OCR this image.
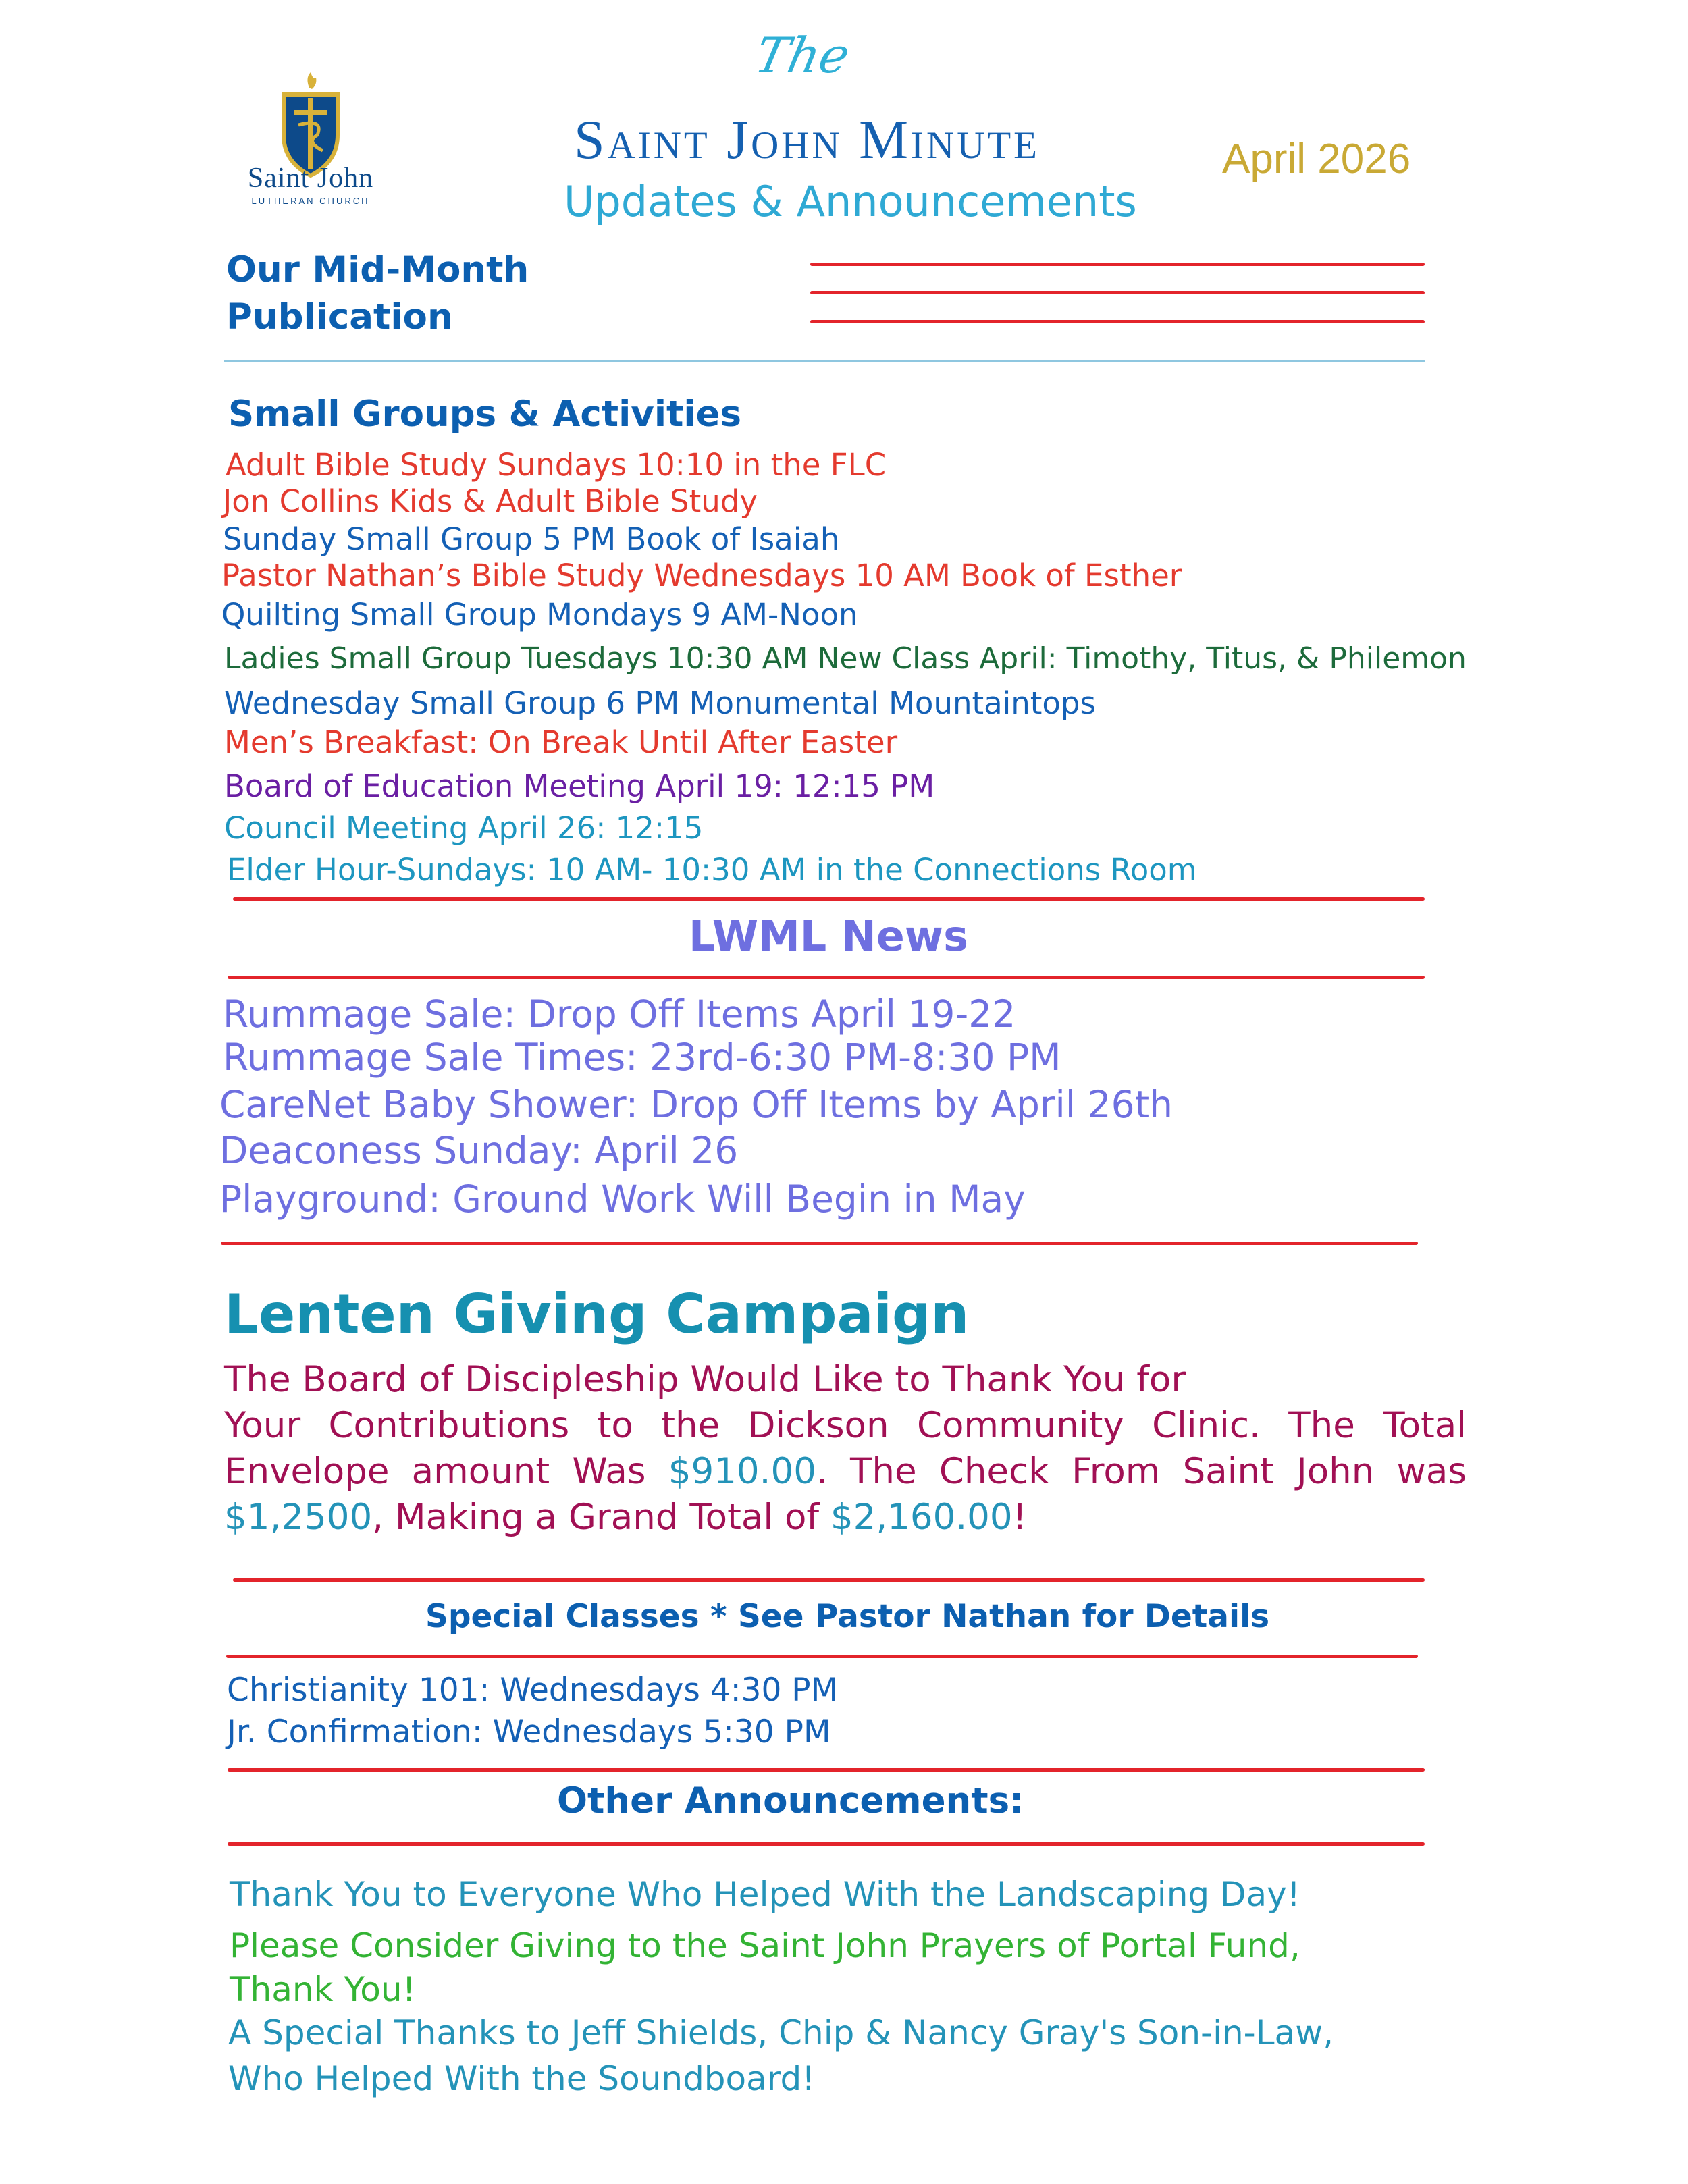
Saint John
LUTHERAN CHURCH
The
Saint John Minute
Updates & Announcements
April 2026
Our Mid-Month Publication
Small Groups & Activities
Adult Bible Study Sundays 10:10 in the FLC
Jon Collins Kids & Adult Bible Study
Sunday Small Group 5 PM Book of Isaiah
Pastor Nathan’s Bible Study Wednesdays 10 AM Book of Esther
Quilting Small Group Mondays 9 AM-Noon
Ladies Small Group Tuesdays 10:30 AM New Class April: Timothy, Titus, & Philemon
Wednesday Small Group 6 PM Monumental Mountaintops
Men’s Breakfast: On Break Until After Easter
Board of Education Meeting April 19: 12:15 PM
Council Meeting April 26: 12:15
Elder Hour-Sundays: 10 AM- 10:30 AM in the Connections Room
LWML News
Rummage Sale: Drop Off Items April 19-22
Rummage Sale Times: 23rd-6:30 PM-8:30 PM
CareNet Baby Shower: Drop Off Items by April 26th
Deaconess Sunday: April 26
Playground: Ground Work Will Begin in May
Lenten Giving Campaign
The Board of Discipleship Would Like to Thank You for
Your Contributions to the Dickson Community Clinic. The Total
Envelope amount Was $910.00. The Check From Saint John was
$1,2500, Making a Grand Total of $2,160.00!
Special Classes * See Pastor Nathan for Details
Christianity 101: Wednesdays 4:30 PM
Jr. Confirmation: Wednesdays 5:30 PM
Other Announcements:
Thank You to Everyone Who Helped With the Landscaping Day!
Please Consider Giving to the Saint John Prayers of Portal Fund,
Thank You!
A Special Thanks to Jeff Shields, Chip & Nancy Gray's Son-in-Law,
Who Helped With the Soundboard!
